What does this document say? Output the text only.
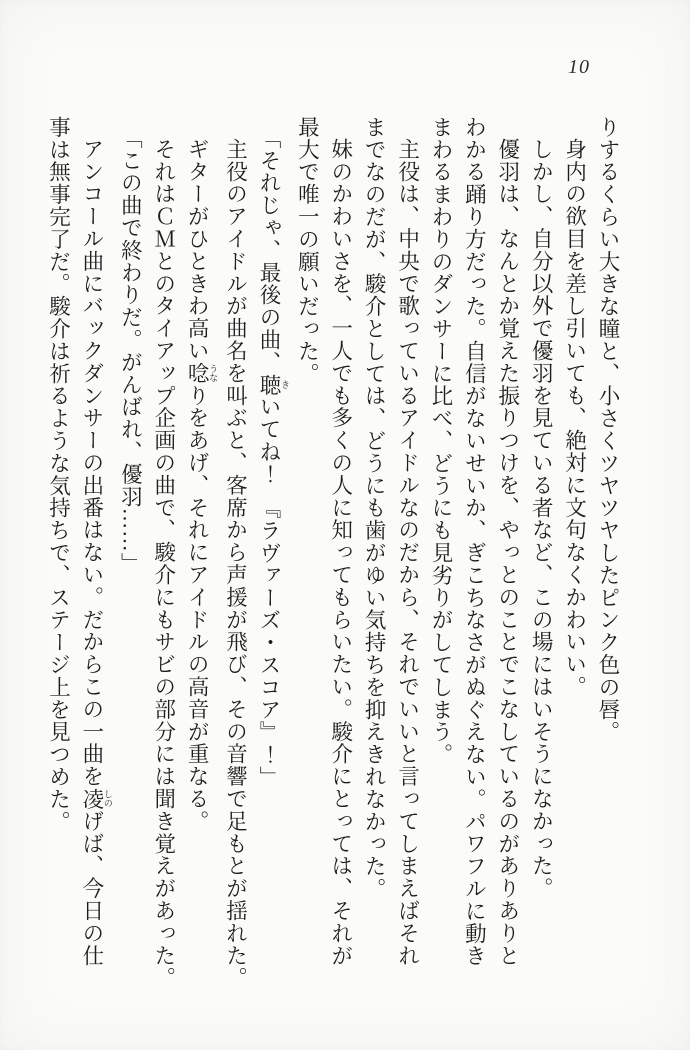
10
りするくらい大きな瞳と、小さくツヤツヤしたピンク色の唇。
身内の欲目を差し引いても、絶対に文句なくかわいい。
しかし、自分以外で優羽を見ている者など、この場にはいそうになかった。
優羽は、なんとか覚えた振りつけを、やっとのことでこなしているのがありありと
わかる踊り方だった。自信がないせいか、ぎこちなさがぬぐえない。パワフルに動き
まわるまわりのダンサーに比べ、どうにも見劣りがしてしまう。
主役は、中央で歌っているアイドルなのだから、それでいいと言ってしまえばそれ
までなのだが、駿介としては、どうにも歯がゆい気持ちを抑えきれなかった。
妹のかわいさを、一人でも多くの人に知ってもらいたい。駿介にとっては、それが
最大で唯一の願いだった。
「それじゃ、最後の曲、聴 きいてね！　『ラヴァーズ・スコア』！」
主役のアイドルが曲名を叫ぶと、客席から声援が飛び、その音響で足もとが揺れた。
ギターがひときわ高い唸 うなりをあげ、それにアイドルの高音が重なる。
それはＣＭとのタイアップ企画の曲で、駿介にもサビの部分には聞き覚えがあった。
「この曲で終わりだ。がんばれ、優羽……」
アンコール曲にバックダンサーの出番はない。だからこの一曲を凌 しのげば、今日の仕
事は無事完了だ。駿介は祈るような気持ちで、ステージ上を見つめた。
